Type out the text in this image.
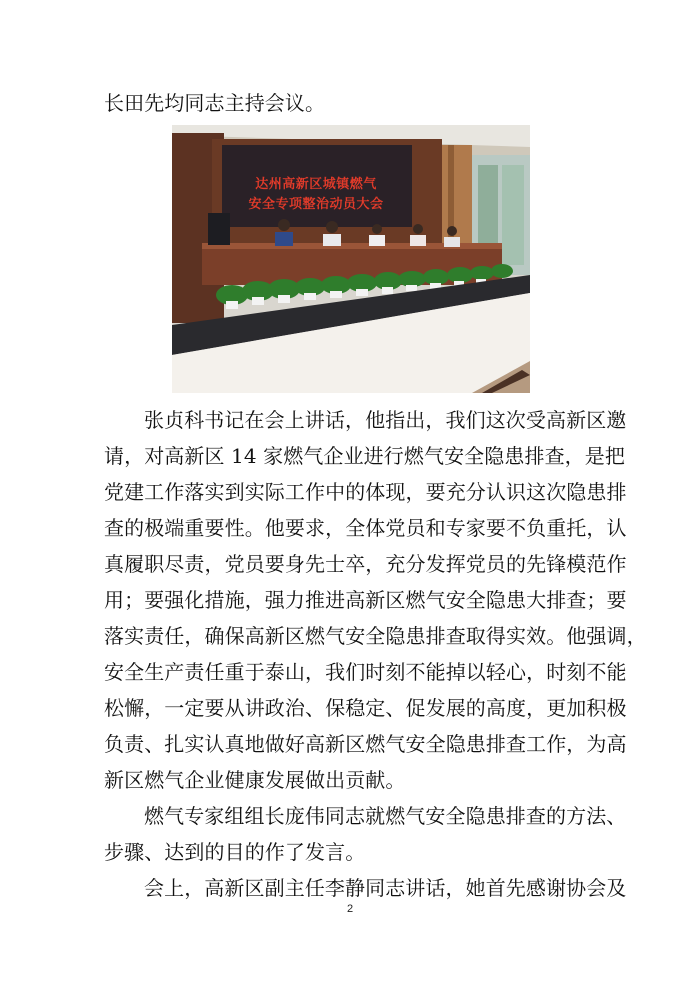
长田先均同志主持会议。
达州高新区城镇燃气
安全专项整治动员大会
张贞科书记在会上讲话，他指出，我们这次受高新区邀
请，对高新区 14 家燃气企业进行燃气安全隐患排查，是把
党建工作落实到实际工作中的体现，要充分认识这次隐患排
查的极端重要性。他要求，全体党员和专家要不负重托，认
真履职尽责，党员要身先士卒，充分发挥党员的先锋模范作
用；要强化措施，强力推进高新区燃气安全隐患大排查；要
落实责任，确保高新区燃气安全隐患排查取得实效。他强调，
安全生产责任重于泰山，我们时刻不能掉以轻心，时刻不能
松懈，一定要从讲政治、保稳定、促发展的高度，更加积极
负责、扎实认真地做好高新区燃气安全隐患排查工作，为高
新区燃气企业健康发展做出贡献。
燃气专家组组长庞伟同志就燃气安全隐患排查的方法、
步骤、达到的目的作了发言。
会上，高新区副主任李静同志讲话，她首先感谢协会及
2
